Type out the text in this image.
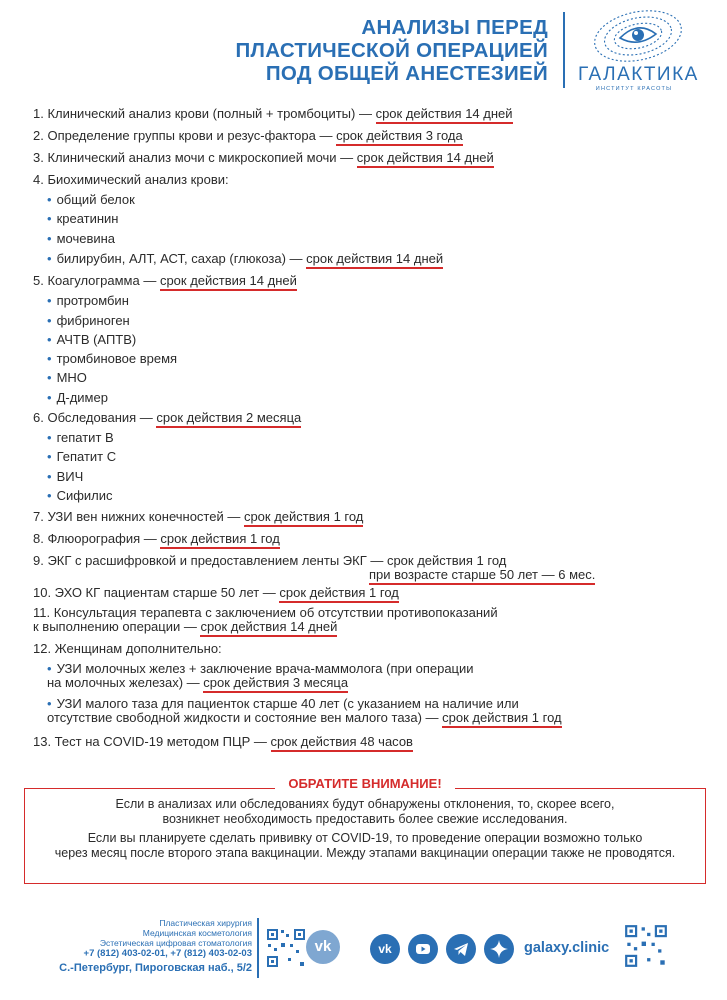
АНАЛИЗЫ ПЕРЕД
ПЛАСТИЧЕСКОЙ ОПЕРАЦИЕЙ
ПОД ОБЩЕЙ АНЕСТЕЗИЕЙ ГАЛАКТИКА
ИНСТИТУТ КРАСОТЫ
1. Клинический анализ крови (полный + тромбоциты) — срок действия 14 дней
2. Определение группы крови и резус-фактора — срок действия 3 года
3. Клинический анализ мочи с микроскопией мочи — срок действия 14 дней
4. Биохимический анализ крови:
• общий белок
• креатинин
• мочевина
• билирубин, АЛТ, АСТ, сахар (глюкоза) — срок действия 14 дней
5. Коагулограмма — срок действия 14 дней
• протромбин
• фибриноген
• АЧТВ (АПТВ)
• тромбиновое время
• МНО
• Д-димер
6. Обследования — срок действия 2 месяца
• гепатит В
• Гепатит С
• ВИЧ
• Сифилис
7. УЗИ вен нижних конечностей — срок действия 1 год
8. Флюорография — срок действия 1 год
9. ЭКГ с расшифровкой и предоставлением ленты ЭКГ — срок действия 1 год
при возрасте старше 50 лет — 6 мес.
10. ЭХО КГ пациентам старше 50 лет — срок действия 1 год
11. Консультация терапевта с заключением об отсутствии противопоказаний
к выполнению операции — срок действия 14 дней
12. Женщинам дополнительно:
• УЗИ молочных желез + заключение врача-маммолога (при операции
на молочных железах) — срок действия 3 месяца
• УЗИ малого таза для пациенток старше 40 лет (с указанием на наличие или
отсутствие свободной жидкости и состояние вен малого таза) — срок действия 1 год
13. Тест на COVID-19 методом ПЦР — срок действия 48 часов
ОБРАТИТЕ ВНИМАНИЕ!
Если в анализах или обследованиях будут обнаружены отклонения, то, скорее всего,
возникнет необходимость предоставить более свежие исследования.
Если вы планируете сделать прививку от COVID-19, то проведение операции возможно только
через месяц после второго этапа вакцинации. Между этапами вакцинации операции также не проводятся.
Пластическая хирургия
Медицинская косметология
Эстетическая цифровая стоматология
+7 (812) 403-02-01, +7 (812) 403-02-03
С.-Петербург, Пироговская наб., 5/2
vk	vk	galaxy.clinic
